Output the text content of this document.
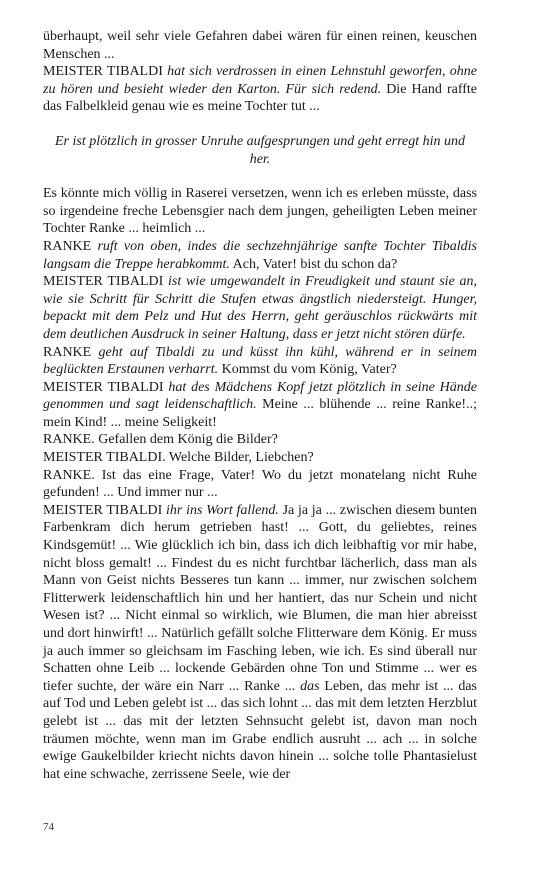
überhaupt, weil sehr viele Gefahren dabei wären für einen reinen, keuschen Menschen ...

MEISTER TIBALDI hat sich verdrossen in einen Lehnstuhl geworfen, ohne zu hören und besieht wieder den Karton. Für sich redend. Die Hand raffte das Falbelkleid genau wie es meine Tochter tut ...

Er ist plötzlich in grosser Unruhe aufgesprungen und geht erregt hin und her.

Es könnte mich völlig in Raserei versetzen, wenn ich es erleben müsste, dass so irgendeine freche Lebensgier nach dem jungen, geheiligten Leben meiner Tochter Ranke ... heimlich ...

RANKE ruft von oben, indes die sechzehnjährige sanfte Tochter Tibaldis langsam die Treppe herabkommt. Ach, Vater! bist du schon da?

MEISTER TIBALDI ist wie umgewandelt in Freudigkeit und staunt sie an, wie sie Schritt für Schritt die Stufen etwas ängstlich niedersteigt. Hunger, bepackt mit dem Pelz und Hut des Herrn, geht geräuschlos rückwärts mit dem deutlichen Ausdruck in seiner Haltung, dass er jetzt nicht stören dürfe.

RANKE geht auf Tibaldi zu und küsst ihn kühl, während er in seinem beglückten Erstaunen verharrt. Kommst du vom König, Vater?

MEISTER TIBALDI hat des Mädchens Kopf jetzt plötzlich in seine Hände genommen und sagt leidenschaftlich. Meine ... blühende ... reine Ranke!..; mein Kind! ... meine Seligkeit!

RANKE. Gefallen dem König die Bilder?

MEISTER TIBALDI. Welche Bilder, Liebchen?

RANKE. Ist das eine Frage, Vater! Wo du jetzt monatelang nicht Ruhe gefunden! ... Und immer nur ...

MEISTER TIBALDI ihr ins Wort fallend. Ja ja ja ... zwischen diesem bunten Farbenkram dich herum getrieben hast! ... Gott, du geliebtes, reines Kindsgemüt! ... Wie glücklich ich bin, dass ich dich leibhaftig vor mir habe, nicht bloss gemalt! ... Findest du es nicht furchtbar lächerlich, dass man als Mann von Geist nichts Besseres tun kann ... immer, nur zwischen solchem Flitterwerk leidenschaftlich hin und her hantiert, das nur Schein und nicht Wesen ist? ... Nicht einmal so wirklich, wie Blumen, die man hier abreisst und dort hinwirft! ... Natürlich gefällt solche Flitterware dem König. Er muss ja auch immer so gleichsam im Fasching leben, wie ich. Es sind überall nur Schatten ohne Leib ... lockende Gebärden ohne Ton und Stimme ... wer es tiefer suchte, der wäre ein Narr ... Ranke ... das Leben, das mehr ist ... das auf Tod und Leben gelebt ist ... das sich lohnt ... das mit dem letzten Herzblut gelebt ist ... das mit der letzten Sehnsucht gelebt ist, davon man noch träumen möchte, wenn man im Grabe endlich ausruht ... ach ... in solche ewige Gaukelbilder kriecht nichts davon hinein ... solche tolle Phantasielust hat eine schwache, zerrissene Seele, wie der

74
